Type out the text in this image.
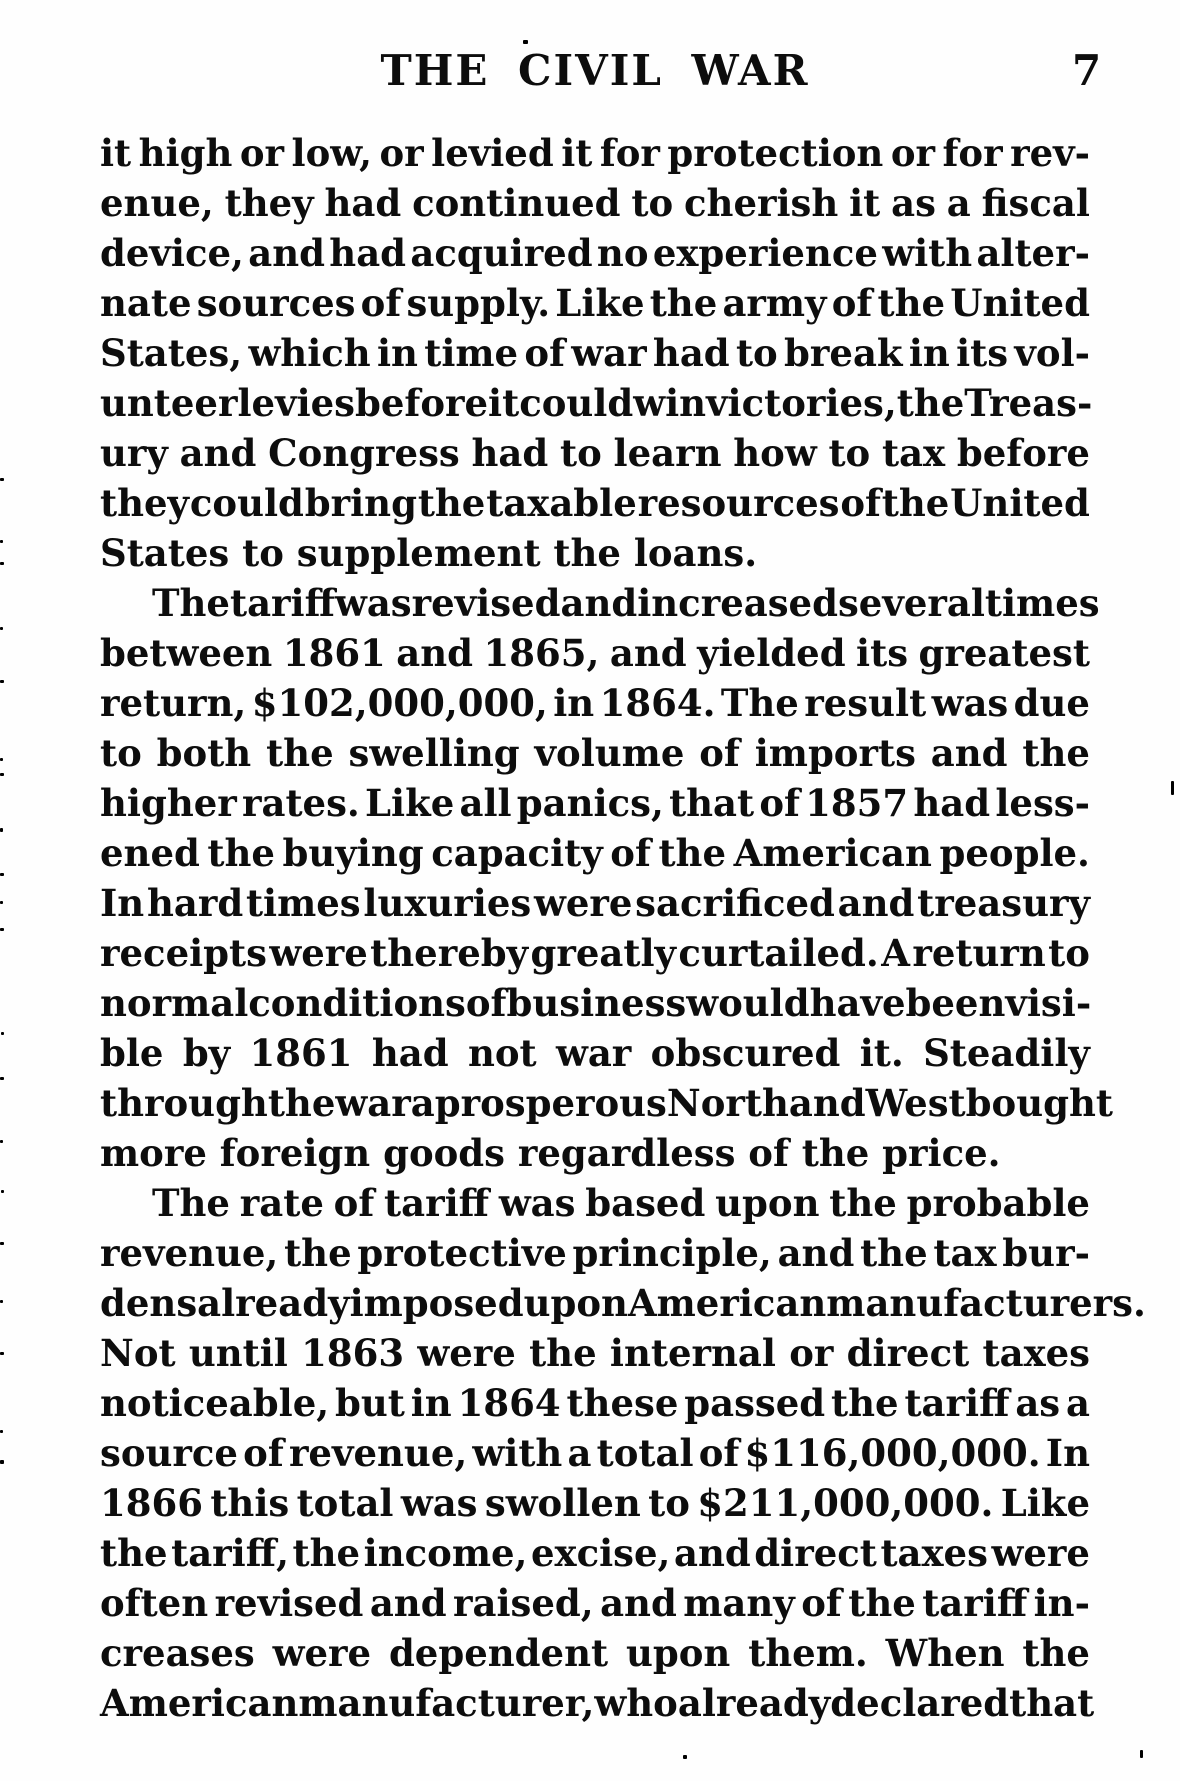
THE CIVIL WAR	7
it high or low, or levied it for protection or for rev-
enue, they had continued to cherish it as a fiscal
device, and had acquired no experience with alter-
nate sources of supply. Like the army of the United
States, which in time of war had to break in its vol-
unteer levies before it could win victories, the Treas-
ury and Congress had to learn how to tax before
they could bring the taxable resources of the United
States to supplement the loans.
The tariff was revised and increased several times
between 1861 and 1865, and yielded its greatest
return, $102,000,000, in 1864. The result was due
to both the swelling volume of imports and the
higher rates. Like all panics, that of 1857 had less-
ened the buying capacity of the American people.
In hard times luxuries were sacrificed and treasury
receipts were thereby greatly curtailed. A return to
normal conditions of business would have been visi-
ble by 1861 had not war obscured it. Steadily
through the war a prosperous North and West bought
more foreign goods regardless of the price.
The rate of tariff was based upon the probable
revenue, the protective principle, and the tax bur-
dens already imposed upon American manufacturers.
Not until 1863 were the internal or direct taxes
noticeable, but in 1864 these passed the tariff as a
source of revenue, with a total of $116,000,000. In
1866 this total was swollen to $211,000,000. Like
the tariff, the income, excise, and direct taxes were
often revised and raised, and many of the tariff in-
creases were dependent upon them. When the
American manufacturer, who already declared that
